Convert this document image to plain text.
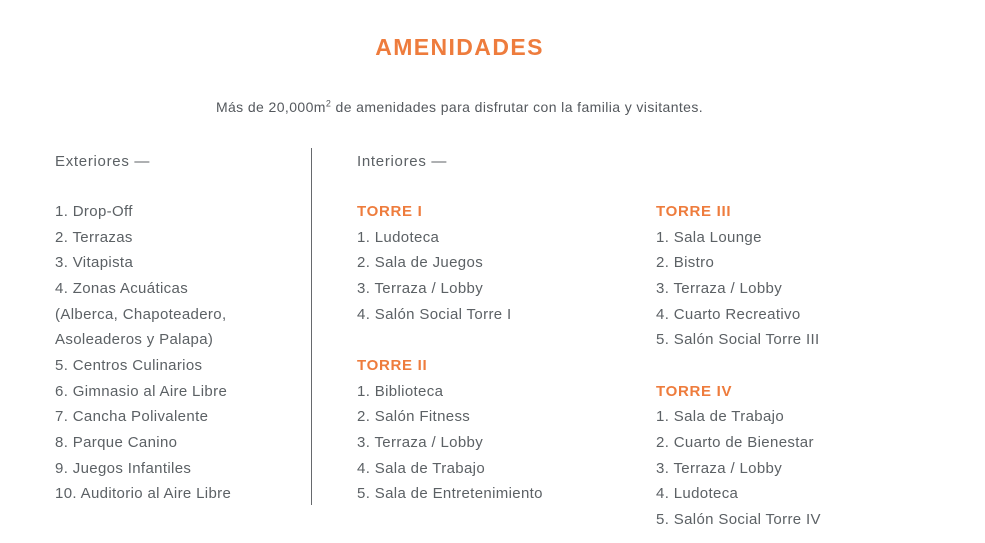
AMENIDADES

Más de $20,000m^2$ de amenidades para disfrutar con la familia y visitantes.

Exteriores —	Interiores —
1. Drop-Off
2. Terrazas
3. Vitapista
4. Zonas Acuáticas
(Alberca, Chapoteadero,
Asoleaderos y Palapa)
5. Centros Culinarios
6. Gimnasio al Aire Libre
7. Cancha Polivalente
8. Parque Canino
9. Juegos Infantiles
10. Auditorio al Aire Libre
TORRE I
1. Ludoteca
2. Sala de Juegos
3. Terraza / Lobby
4. Salón Social Torre I
TORRE II
1. Biblioteca
2. Salón Fitness
3. Terraza / Lobby
4. Sala de Trabajo
5. Sala de Entretenimiento
TORRE III
1. Sala Lounge
2. Bistro
3. Terraza / Lobby
4. Cuarto Recreativo
5. Salón Social Torre III
TORRE IV
1. Sala de Trabajo
2. Cuarto de Bienestar
3. Terraza / Lobby
4. Ludoteca
5. Salón Social Torre IV
